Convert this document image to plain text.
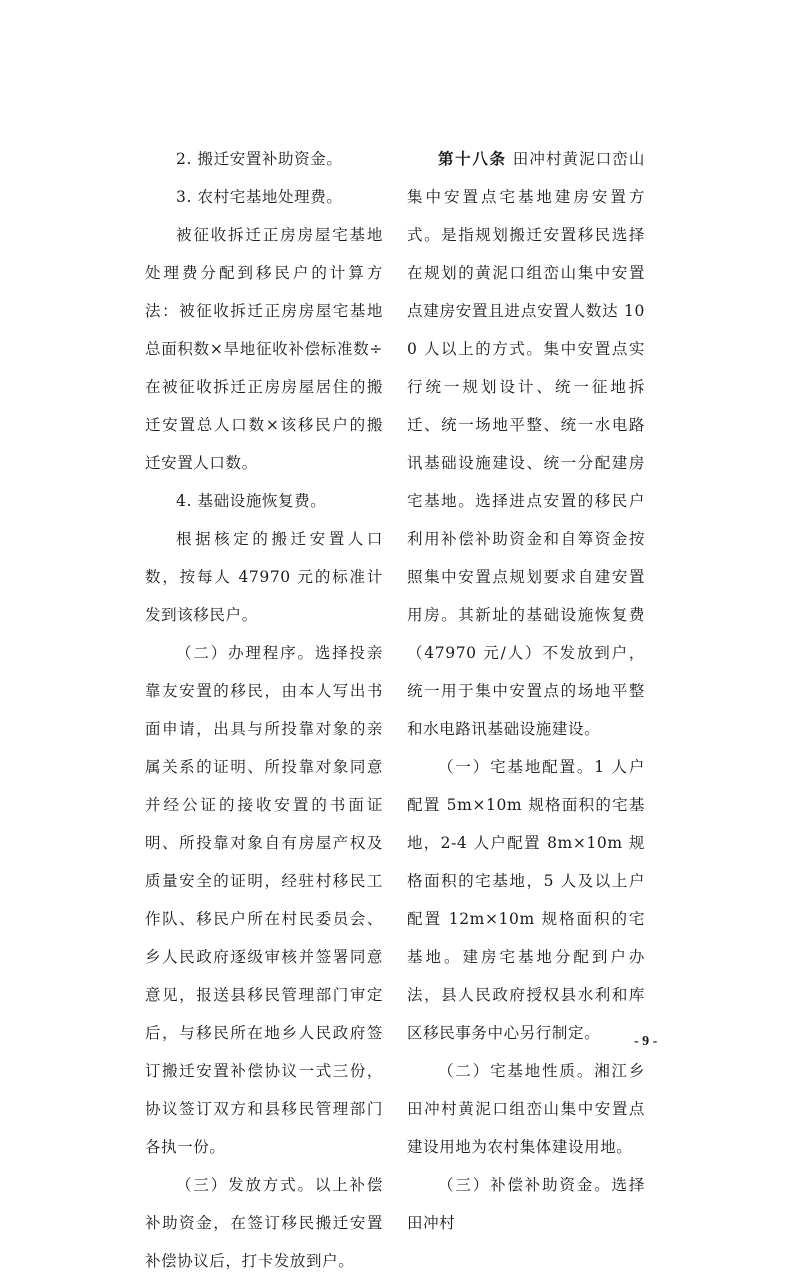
2. 搬迁安置补助资金。

3. 农村宅基地处理费。

被征收拆迁正房房屋宅基地处理费分配到移民户的计算方法：被征收拆迁正房房屋宅基地总面积数×旱地征收补偿标准数÷在被征收拆迁正房房屋居住的搬迁安置总人口数×该移民户的搬迁安置人口数。

4. 基础设施恢复费。

根据核定的搬迁安置人口数，按每人 47970 元的标准计发到该移民户。

（二）办理程序。选择投亲靠友安置的移民，由本人写出书面申请，出具与所投靠对象的亲属关系的证明、所投靠对象同意并经公证的接收安置的书面证明、所投靠对象自有房屋产权及质量安全的证明，经驻村移民工作队、移民户所在村民委员会、乡人民政府逐级审核并签署同意意见，报送县移民管理部门审定后，与移民所在地乡人民政府签订搬迁安置补偿协议一式三份，协议签订双方和县移民管理部门各执一份。

（三）发放方式。以上补偿补助资金，在签订移民搬迁安置补偿协议后，打卡发放到户。

第十八条 田冲村黄泥口峦山集中安置点宅基地建房安置方式。是指规划搬迁安置移民选择在规划的黄泥口组峦山集中安置点建房安置且进点安置人数达 100 人以上的方式。集中安置点实行统一规划设计、统一征地拆迁、统一场地平整、统一水电路讯基础设施建设、统一分配建房宅基地。选择进点安置的移民户利用补偿补助资金和自筹资金按照集中安置点规划要求自建安置用房。其新址的基础设施恢复费（47970 元/人）不发放到户，统一用于集中安置点的场地平整和水电路讯基础设施建设。

（一）宅基地配置。1 人户配置 5m×10m 规格面积的宅基地，2-4 人户配置 8m×10m 规格面积的宅基地，5 人及以上户配置 12m×10m 规格面积的宅基地。建房宅基地分配到户办法，县人民政府授权县水利和库区移民事务中心另行制定。

（二）宅基地性质。湘江乡田冲村黄泥口组峦山集中安置点建设用地为农村集体建设用地。

（三）补偿补助资金。选择田冲村

- 9 -
